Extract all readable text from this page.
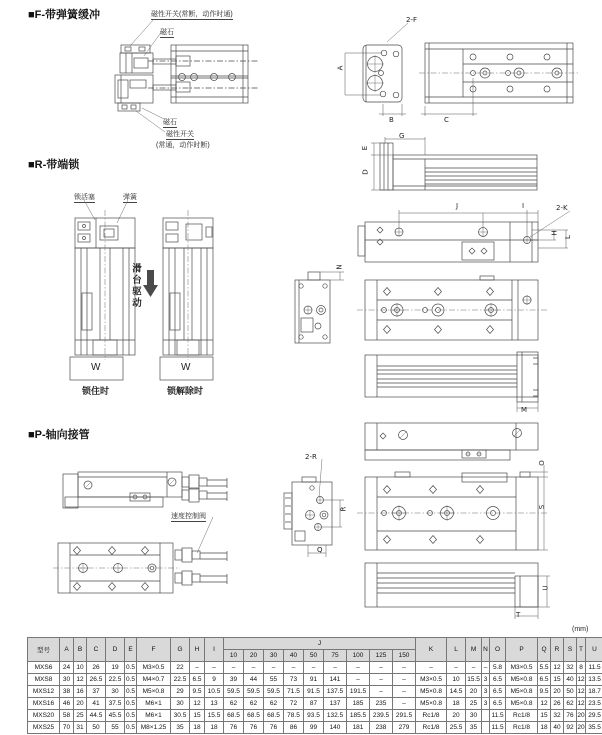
■F-带弹簧缓冲	磁性开关(常断，动作时通)
磁石
磁石
磁性开关
(常通，动作时断)
2-F
A
B	C
G
E
D
■R-带端锁
锁活塞	弹簧
滑台驱动
W	W
锁住时	锁解除时
J	I	2-K
H
L
N
M
■P-轴向接管
速度控制阀
2-R
R
Q
O
S
U
T
(mm)
型号	A	B	C	D	E	F	G	H	I	J									K	L	M	N	O	P	Q	R	S	T	U
										10	20	30	40	50	75	100	125	150											
MXS6	24	10	26	19	0.5	M3×0.5	22	–	–	–	–	–	–	–	–	–	–	–	–	–	–	–	5.8	M3×0.5	5.5	12	32	8	11.5
MXS8	30	12	26.5	22.5	0.5	M4×0.7	22.5	6.5	9	39	44	55	73	91	141	–	–	–	M3×0.5	10	15.5	3	6.5	M5×0.8	6.5	15	40	12	13.5
MXS12	38	16	37	30	0.5	M5×0.8	29	9.5	10.5	59.5	59.5	59.5	71.5	91.5	137.5	191.5	–	–	M5×0.8	14.5	20	3	6.5	M5×0.8	9.5	20	50	12	18.7
MXS16	46	20	41	37.5	0.5	M6×1	30	12	13	62	62	62	72	87	137	185	235	–	M5×0.8	18	25	3	6.5	M5×0.8	12	26	62	12	23.5
MXS20	58	25	44.5	45.5	0.5	M6×1	30.5	15	15.5	68.5	68.5	68.5	78.5	93.5	132.5	185.5	239.5	291.5	Rc1/8	20	30		11.5	Rc1/8	15	32	76	20	29.5
MXS25	70	31	50	55	0.5	M8×1.25	35	18	18	76	76	76	86	99	140	181	238	279	Rc1/8	25.5	35		11.5	Rc1/8	18	40	92	20	35.5
